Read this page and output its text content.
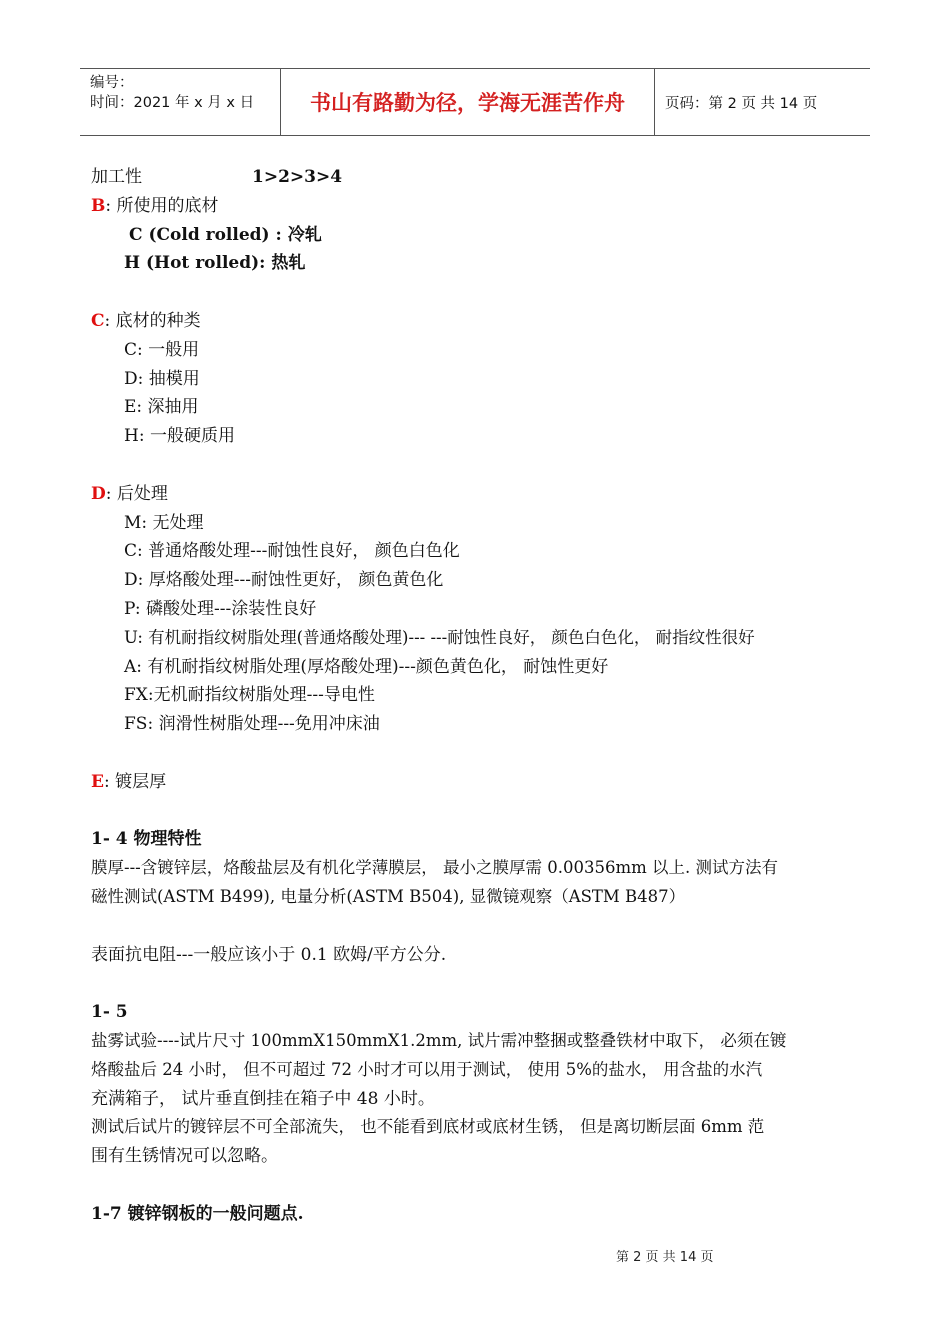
编号：
时间：2021 年 x 月 x 日	书山有路勤为径，学海无涯苦作舟	页码：第 2 页 共 14 页
加工性	1>2>3>4
B: 所使用的底材
C (Cold rolled) : 冷轧
H (Hot rolled): 热轧
C: 底材的种类
C: 一般用
D: 抽模用
E: 深抽用
H: 一般硬质用
D: 后处理
M: 无处理
C: 普通烙酸处理---耐蚀性良好， 颜色白色化
D: 厚烙酸处理---耐蚀性更好， 颜色黄色化
P: 磷酸处理---涂装性良好
U: 有机耐指纹树脂处理(普通烙酸处理)--- ---耐蚀性良好， 颜色白色化， 耐指纹性很好
A: 有机耐指纹树脂处理(厚烙酸处理)---颜色黄色化， 耐蚀性更好
FX:无机耐指纹树脂处理---导电性
FS: 润滑性树脂处理---免用冲床油
E: 镀层厚
1- 4 物理特性
膜厚---含镀锌层，烙酸盐层及有机化学薄膜层， 最小之膜厚需 0.00356mm 以上. 测试方法有
磁性测试(ASTM B499), 电量分析(ASTM B504), 显微镜观察（ASTM B487）
表面抗电阻---一般应该小于 0.1 欧姆/平方公分.
1- 5
盐雾试验----试片尺寸 100mmX150mmX1.2mm, 试片需冲整捆或整叠铁材中取下， 必须在镀
烙酸盐后 24 小时， 但不可超过 72 小时才可以用于测试， 使用 5%的盐水， 用含盐的水汽
充满箱子， 试片垂直倒挂在箱子中 48 小时。
测试后试片的镀锌层不可全部流失， 也不能看到底材或底材生锈， 但是离切断层面 6mm 范
围有生锈情况可以忽略。
1-7 镀锌钢板的一般问题点.
第 2 页 共 14 页
